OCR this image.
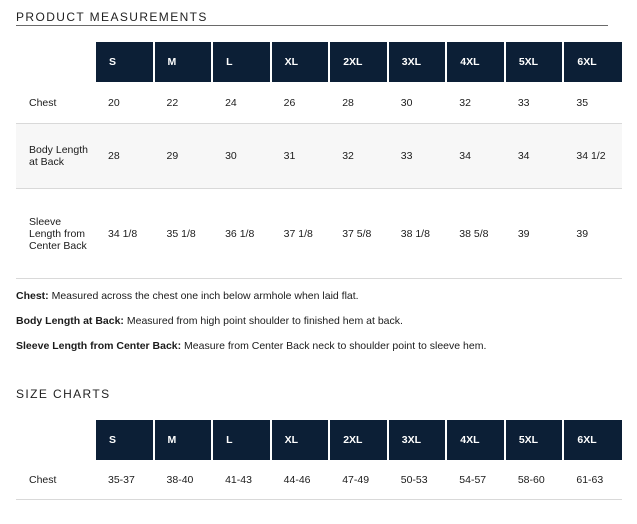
PRODUCT MEASUREMENTS
	S	M	L	XL	2XL	3XL	4XL	5XL	6XL
Chest	20	22	24	26	28	30	32	33	35
Body Length at Back	28	29	30	31	32	33	34	34	34 1/2
Sleeve Length from Center Back	34 1/8	35 1/8	36 1/8	37 1/8	37 5/8	38 1/8	38 5/8	39	39

Chest: Measured across the chest one inch below armhole when laid flat.

Body Length at Back: Measured from high point shoulder to finished hem at back.

Sleeve Length from Center Back: Measure from Center Back neck to shoulder point to sleeve hem.

SIZE CHARTS
	S	M	L	XL	2XL	3XL	4XL	5XL	6XL
Chest	35-37	38-40	41-43	44-46	47-49	50-53	54-57	58-60	61-63
